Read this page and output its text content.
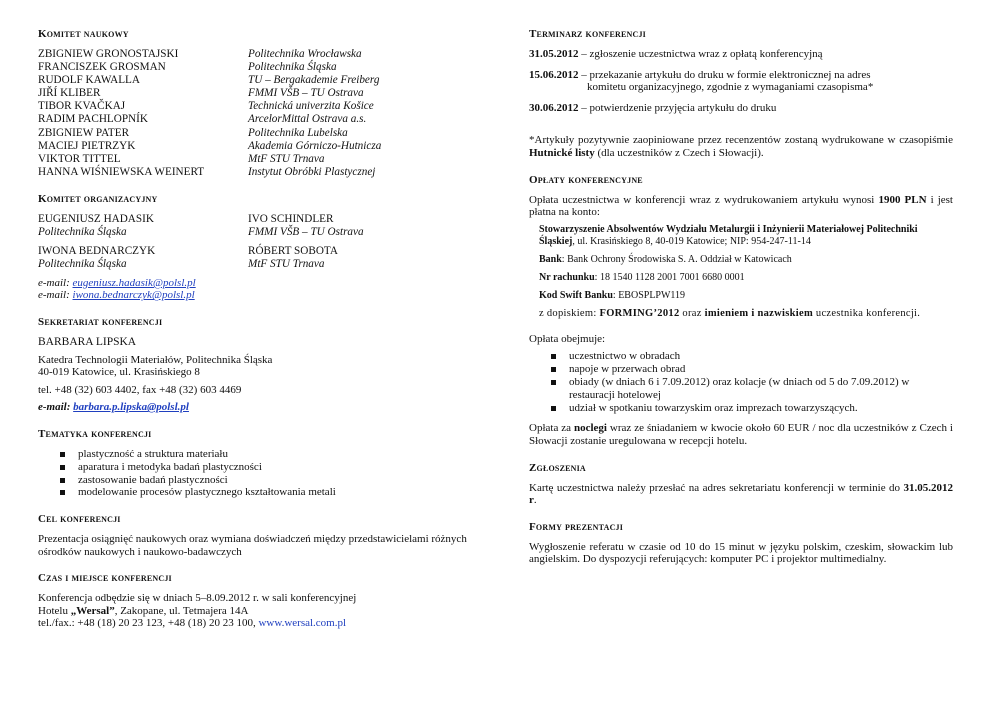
Komitet naukowy
ZBIGNIEW GRONOSTAJSKI	Politechnika Wrocławska
FRANCISZEK GROSMAN	Politechnika Śląska
RUDOLF KAWALLA	TU – Bergakademie Freiberg
JIŘÍ KLIBER	FMMI VŠB – TU Ostrava
TIBOR KVAČKAJ	Technická univerzita Košice
RADIM PACHLOPNÍK	ArcelorMittal Ostrava a.s.
ZBIGNIEW PATER	Politechnika Lubelska
MACIEJ PIETRZYK	Akademia Górniczo-Hutnicza
VIKTOR TITTEL	MtF STU Trnava
HANNA WIŚNIEWSKA WEINERT	Instytut Obróbki Plastycznej
Komitet organizacyjny
EUGENIUSZ HADASIK
Politechnika Śląska
IVO SCHINDLER
FMMI VŠB – TU Ostrava
IWONA BEDNARCZYK
Politechnika Śląska
RÓBERT SOBOTA
MtF STU Trnava
e-mail: eugeniusz.hadasik@polsl.pl
e-mail: iwona.bednarczyk@polsl.pl
Sekretariat konferencji
BARBARA LIPSKA
Katedra Technologii Materiałów, Politechnika Śląska
40-019 Katowice, ul. Krasińskiego 8
tel. +48 (32) 603 4402, fax +48 (32) 603 4469
e-mail: barbara.p.lipska@polsl.pl
Tematyka konferencji
plastyczność a struktura materiału
aparatura i metodyka badań plastyczności
zastosowanie badań plastyczności
modelowanie procesów plastycznego kształtowania metali
Cel konferencji
Prezentacja osiągnięć naukowych oraz wymiana doświadczeń między przedstawicielami różnych ośrodków naukowych i naukowo-badawczych
Czas i miejsce konferencji
Konferencja odbędzie się w dniach 5–8.09.2012 r. w sali konferencyjnej
Hotelu „Wersal”, Zakopane, ul. Tetmajera 14A
tel./fax.: +48 (18) 20 23 123, +48 (18) 20 23 100, www.wersal.com.pl
Terminarz konferencji
31.05.2012 – zgłoszenie uczestnictwa wraz z opłatą konferencyjną
15.06.2012 – przekazanie artykułu do druku w formie elektronicznej na adres
komitetu organizacyjnego, zgodnie z wymaganiami czasopisma*
30.06.2012 – potwierdzenie przyjęcia artykułu do druku
*Artykuły pozytywnie zaopiniowane przez recenzentów zostaną wydrukowane w czasopiśmie Hutnické listy (dla uczestników z Czech i Słowacji).
Opłaty konferencyjne
Opłata uczestnictwa w konferencji wraz z wydrukowaniem artykułu wynosi 1900 PLN i jest płatna na konto:
Stowarzyszenie Absolwentów Wydziału Metalurgii i Inżynierii Materiałowej Politechniki Śląskiej, ul. Krasińskiego 8, 40-019 Katowice; NIP: 954-247-11-14
Bank: Bank Ochrony Środowiska S. A. Oddział w Katowicach
Nr rachunku: 18 1540 1128 2001 7001 6680 0001
Kod Swift Banku: EBOSPLPW119
z dopiskiem: FORMING’2012 oraz imieniem i nazwiskiem uczestnika konferencji.
Opłata obejmuje:
uczestnictwo w obradach
napoje w przerwach obrad
obiady (w dniach 6 i 7.09.2012) oraz kolacje (w dniach od 5 do 7.09.2012) w restauracji hotelowej
udział w spotkaniu towarzyskim oraz imprezach towarzyszących.
Opłata za noclegi wraz ze śniadaniem w kwocie około 60 EUR / noc dla uczestników z Czech i Słowacji zostanie uregulowana w recepcji hotelu.
Zgłoszenia
Kartę uczestnictwa należy przesłać na adres sekretariatu konferencji w terminie do 31.05.2012 r.
Formy prezentacji
Wygłoszenie referatu w czasie od 10 do 15 minut w języku polskim, czeskim, słowackim lub angielskim. Do dyspozycji referujących: komputer PC i projektor multimedialny.
